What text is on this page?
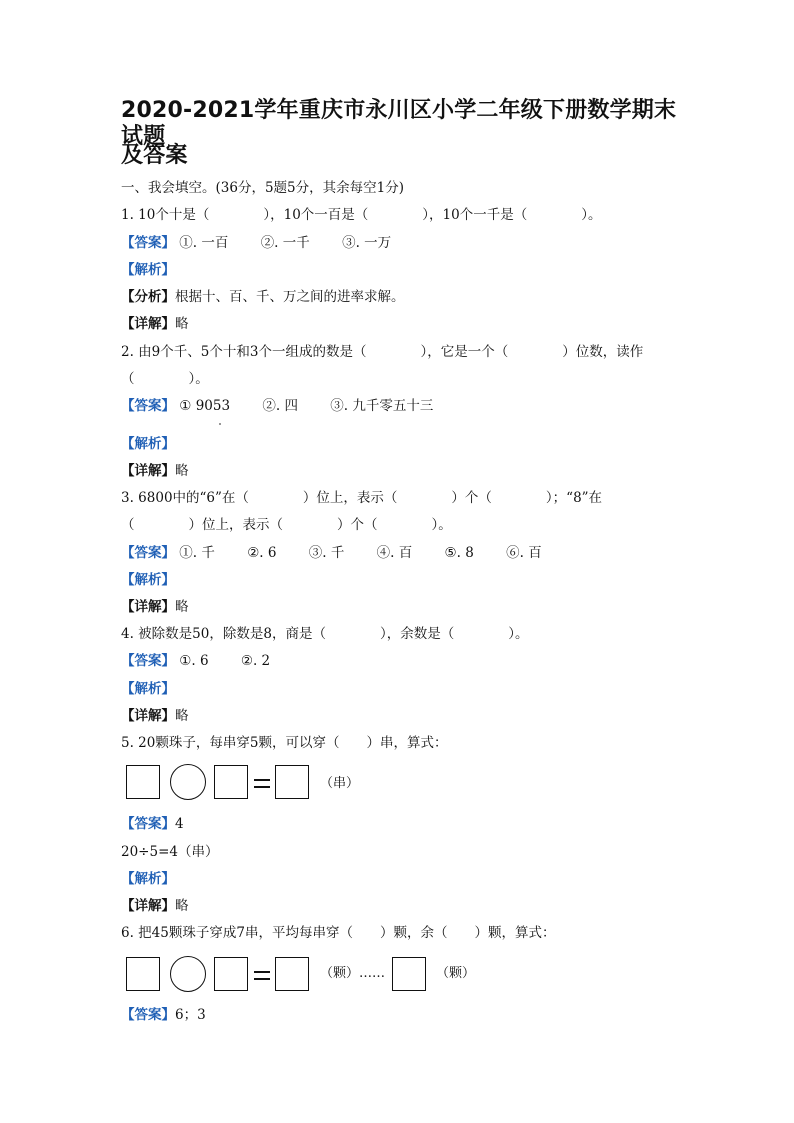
2020-2021学年重庆市永川区小学二年级下册数学期末试题
及答案
一、我会填空。(36分，5题5分，其余每空1分)
1. 10个十是（　　　　），10个一百是（　　　　），10个一千是（　　　　）。
【答案】 ①. 一百 ②. 一千 ③. 一万
【解析】
【分析】根据十、百、千、万之间的进率求解。
【详解】略
2. 由9个千、5个十和3个一组成的数是（　　　　），它是一个（　　　　）位数，读作
（　　　　）。
【答案】 ① 9053 ②. 四 ③. 九千零五十三
【解析】
【详解】略
3. 6800中的“6”在（　　　　）位上，表示（　　　　）个（　　　　）；“8”在
（　　　　）位上，表示（　　　　）个（　　　　）。
【答案】 ①. 千 ②. 6 ③. 千 ④. 百 ⑤. 8 ⑥. 百
【解析】
【详解】略
4. 被除数是50，除数是8，商是（　　　　），余数是（　　　　）。
【答案】 ①. 6 ②. 2
【解析】
【详解】略
5. 20颗珠子，每串穿5颗，可以穿（　　）串，算式：
（串）
【答案】4
20÷5=4（串）
【解析】
【详解】略
6. 把45颗珠子穿成7串，平均每串穿（　　）颗，余（　　）颗，算式：
（颗）……	（颗）
【答案】6；3
